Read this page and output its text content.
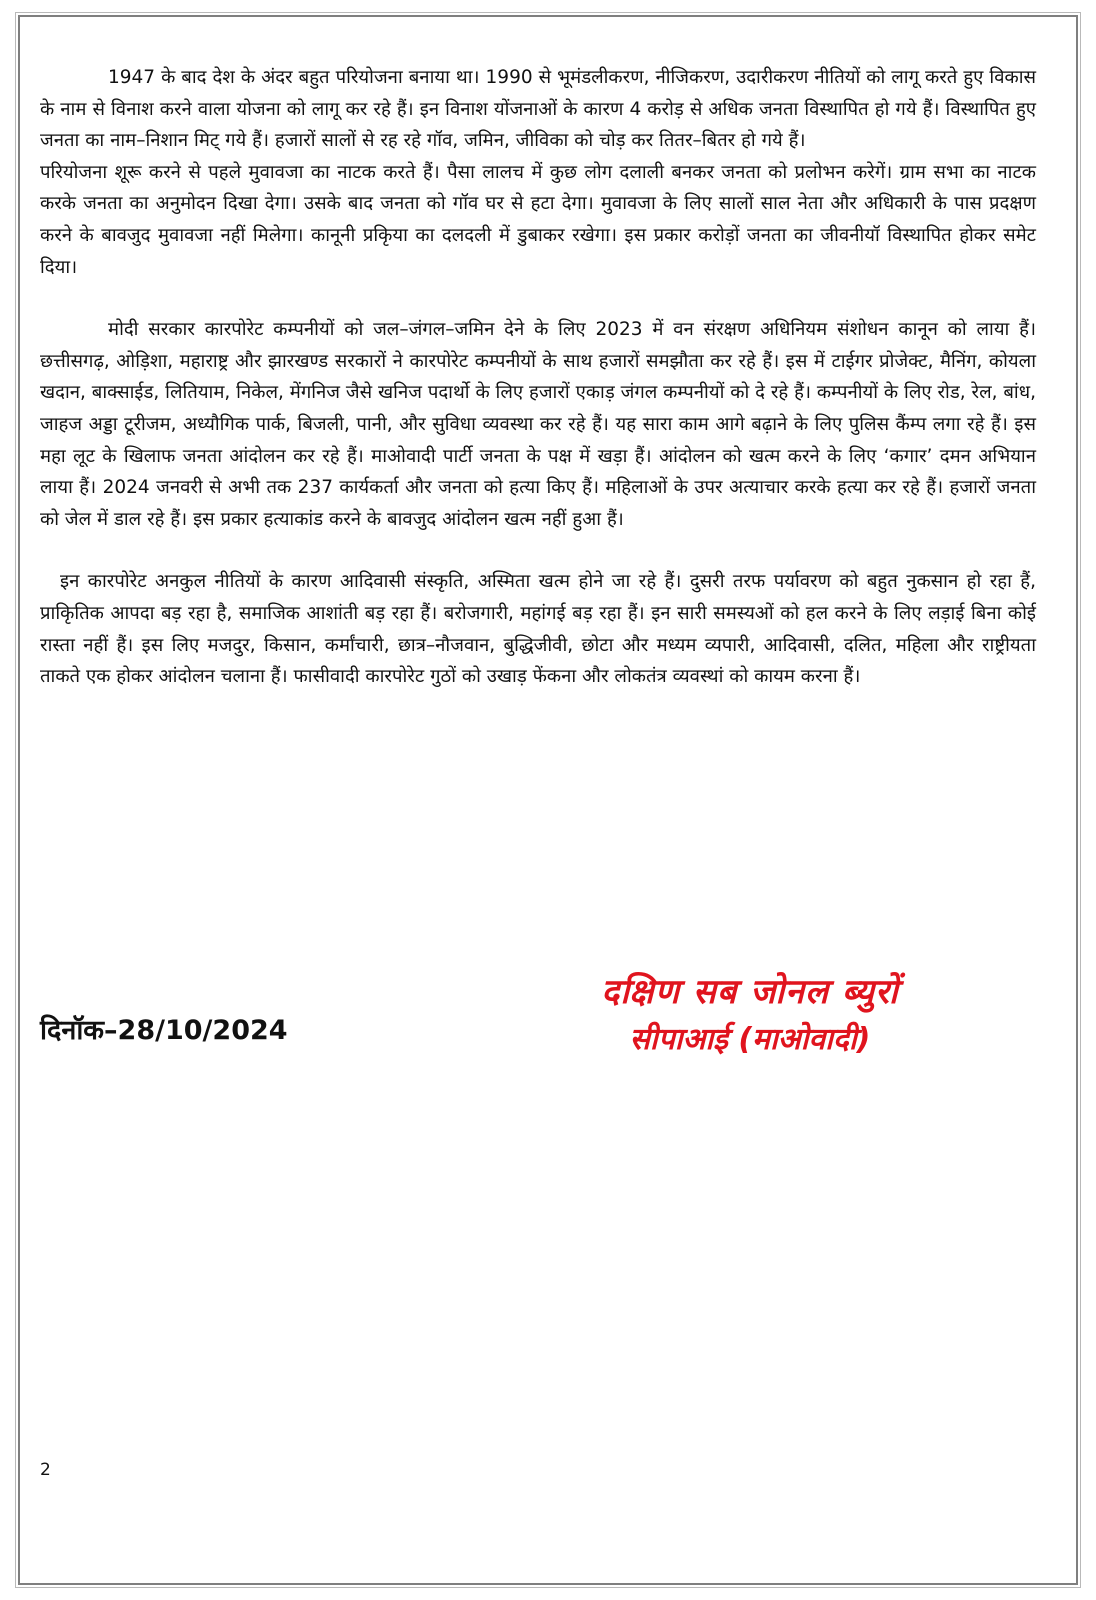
1947 के बाद देश के अंदर बहुत परियोजना बनाया था। 1990 से भूमंडलीकरण, नीजिकरण, उदारीकरण नीतियों को लागू करते हुए विकास के नाम से विनाश करने वाला योजना को लागू कर रहे हैं। इन विनाश योंजनाओं के कारण 4 करोड़ से अधिक जनता विस्थापित हो गये हैं। विस्थापित हुए जनता का नाम–निशान मिट् गये हैं। हजारों सालों से रह रहे गॉव, जमिन, जीविका को चोड़ कर तितर–बितर हो गये हैं।

परियोजना शूरू करने से पहले मुवावजा का नाटक करते हैं। पैसा लालच में कुछ लोग दलाली बनकर जनता को प्रलोभन करेगें। ग्राम सभा का नाटक करके जनता का अनुमोदन दिखा देगा। उसके बाद जनता को गॉव घर से हटा देगा। मुवावजा के लिए सालों साल नेता और अधिकारी के पास प्रदक्षण करने के बावजुद मुवावजा नहीं मिलेगा। कानूनी प्रकृिया का दलदली में डुबाकर रखेगा। इस प्रकार करोड़ों जनता का जीवनीयॉ विस्थापित होकर समेट दिया।

मोदी सरकार कारपोरेट कम्पनीयों को जल–जंगल–जमिन देने के लिए 2023 में वन संरक्षण अधिनियम संशोधन कानून को लाया हैं। छत्तीसगढ़, ओड़िशा, महाराष्ट्र और झारखण्ड सरकारों ने कारपोरेट कम्पनीयों के साथ हजारों समझौता कर रहे हैं। इस में टाईगर प्रोजेक्ट, मैनिंग, कोयला खदान, बाक्साईड, लितियाम, निकेल, मेंगनिज जैसे खनिज पदार्थो के लिए हजारों एकाड़ जंगल कम्पनीयों को दे रहे हैं। कम्पनीयों के लिए रोड, रेल, बांध, जाहज अड्डा टूरीजम, अध्यौगिक पार्क, बिजली, पानी, और सुविधा व्यवस्था कर रहे हैं। यह सारा काम आगे बढ़ाने के लिए पुलिस कैंम्प लगा रहे हैं। इस महा लूट के खिलाफ जनता आंदोलन कर रहे हैं। माओवादी पार्टी जनता के पक्ष में खड़ा हैं। आंदोलन को खत्म करने के लिए ‘कगार’ दमन अभियान लाया हैं। 2024 जनवरी से अभी तक 237 कार्यकर्ता और जनता को हत्या किए हैं। महिलाओं के उपर अत्याचार करके हत्या कर रहे हैं। हजारों जनता को जेल में डाल रहे हैं। इस प्रकार हत्याकांड करने के बावजुद आंदोलन खत्म नहीं हुआ हैं।

इन कारपोरेट अनकुल नीतियों के कारण आदिवासी संस्कृति, अस्मिता खत्म होने जा रहे हैं। दुसरी तरफ पर्यावरण को बहुत नुकसान हो रहा हैं, प्राकृितिक आपदा बड़ रहा है, समाजिक आशांती बड़ रहा हैं। बरोजगारी, महांगई बड़ रहा हैं। इन सारी समस्यओं को हल करने के लिए लड़ाई बिना कोई रास्ता नहीं हैं। इस लिए मजदुर, किसान, कर्मांचारी, छात्र–नौजवान, बुद्धिजीवी, छोटा और मध्यम व्यपारी, आदिवासी, दलित, महिला और राष्ट्रीयता ताकते एक होकर आंदोलन चलाना हैं। फासीवादी कारपोरेट गुठों को उखाड़ फेंकना और लोकतंत्र व्यवस्थां को कायम करना हैं।

दिनॉक–28/10/2024
दक्षिण सब जोनल ब्युरों
सीपाआई (माओवादी)
2
